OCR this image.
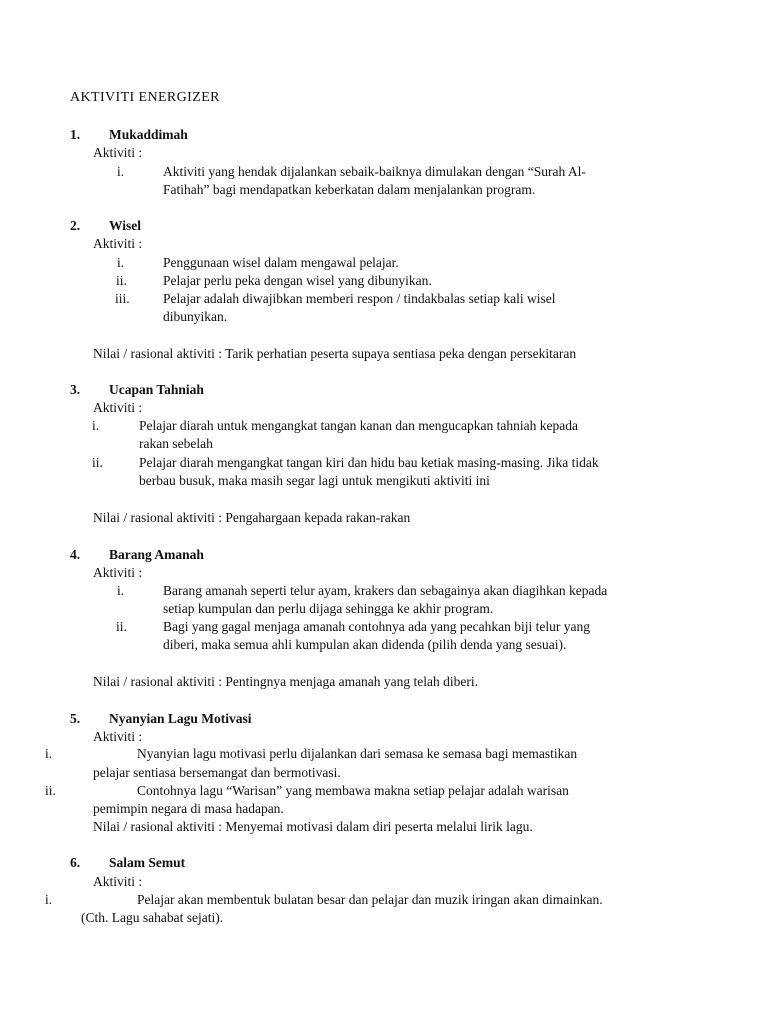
AKTIVITI ENERGIZER
1. Mukaddimah
Aktiviti :
i.	Aktiviti yang hendak dijalankan sebaik-baiknya dimulakan dengan “Surah Al-
Fatihah” bagi mendapatkan keberkatan dalam menjalankan program.
2. Wisel
Aktiviti :
i.	Penggunaan wisel dalam mengawal pelajar.
ii.	Pelajar perlu peka dengan wisel yang dibunyikan.
iii. Pelajar adalah diwajibkan memberi respon / tindakbalas setiap kali wisel
dibunyikan.
Nilai / rasional aktiviti : Tarik perhatian peserta supaya sentiasa peka dengan persekitaran
3. Ucapan Tahniah
Aktiviti :
i.	Pelajar diarah untuk mengangkat tangan kanan dan mengucapkan tahniah kepada
rakan sebelah
ii.	Pelajar diarah mengangkat tangan kiri dan hidu bau ketiak masing-masing. Jika tidak
berbau busuk, maka masih segar lagi untuk mengikuti aktiviti ini
Nilai / rasional aktiviti : Pengahargaan kepada rakan-rakan
4. Barang Amanah
Aktiviti :
i.	Barang amanah seperti telur ayam, krakers dan sebagainya akan diagihkan kepada
setiap kumpulan dan perlu dijaga sehingga ke akhir program.
ii.	Bagi yang gagal menjaga amanah contohnya ada yang pecahkan biji telur yang
diberi, maka semua ahli kumpulan akan didenda (pilih denda yang sesuai).
Nilai / rasional aktiviti : Pentingnya menjaga amanah yang telah diberi.
5. Nyanyian Lagu Motivasi
Aktiviti :
i.	Nyanyian lagu motivasi perlu dijalankan dari semasa ke semasa bagi memastikan
pelajar sentiasa bersemangat dan bermotivasi.
ii.	Contohnya lagu “Warisan” yang membawa makna setiap pelajar adalah warisan
pemimpin negara di masa hadapan.
Nilai / rasional aktiviti : Menyemai motivasi dalam diri peserta melalui lirik lagu.
6. Salam Semut
Aktiviti :
i.	Pelajar akan membentuk bulatan besar dan pelajar dan muzik iringan akan dimainkan.
(Cth. Lagu sahabat sejati).
